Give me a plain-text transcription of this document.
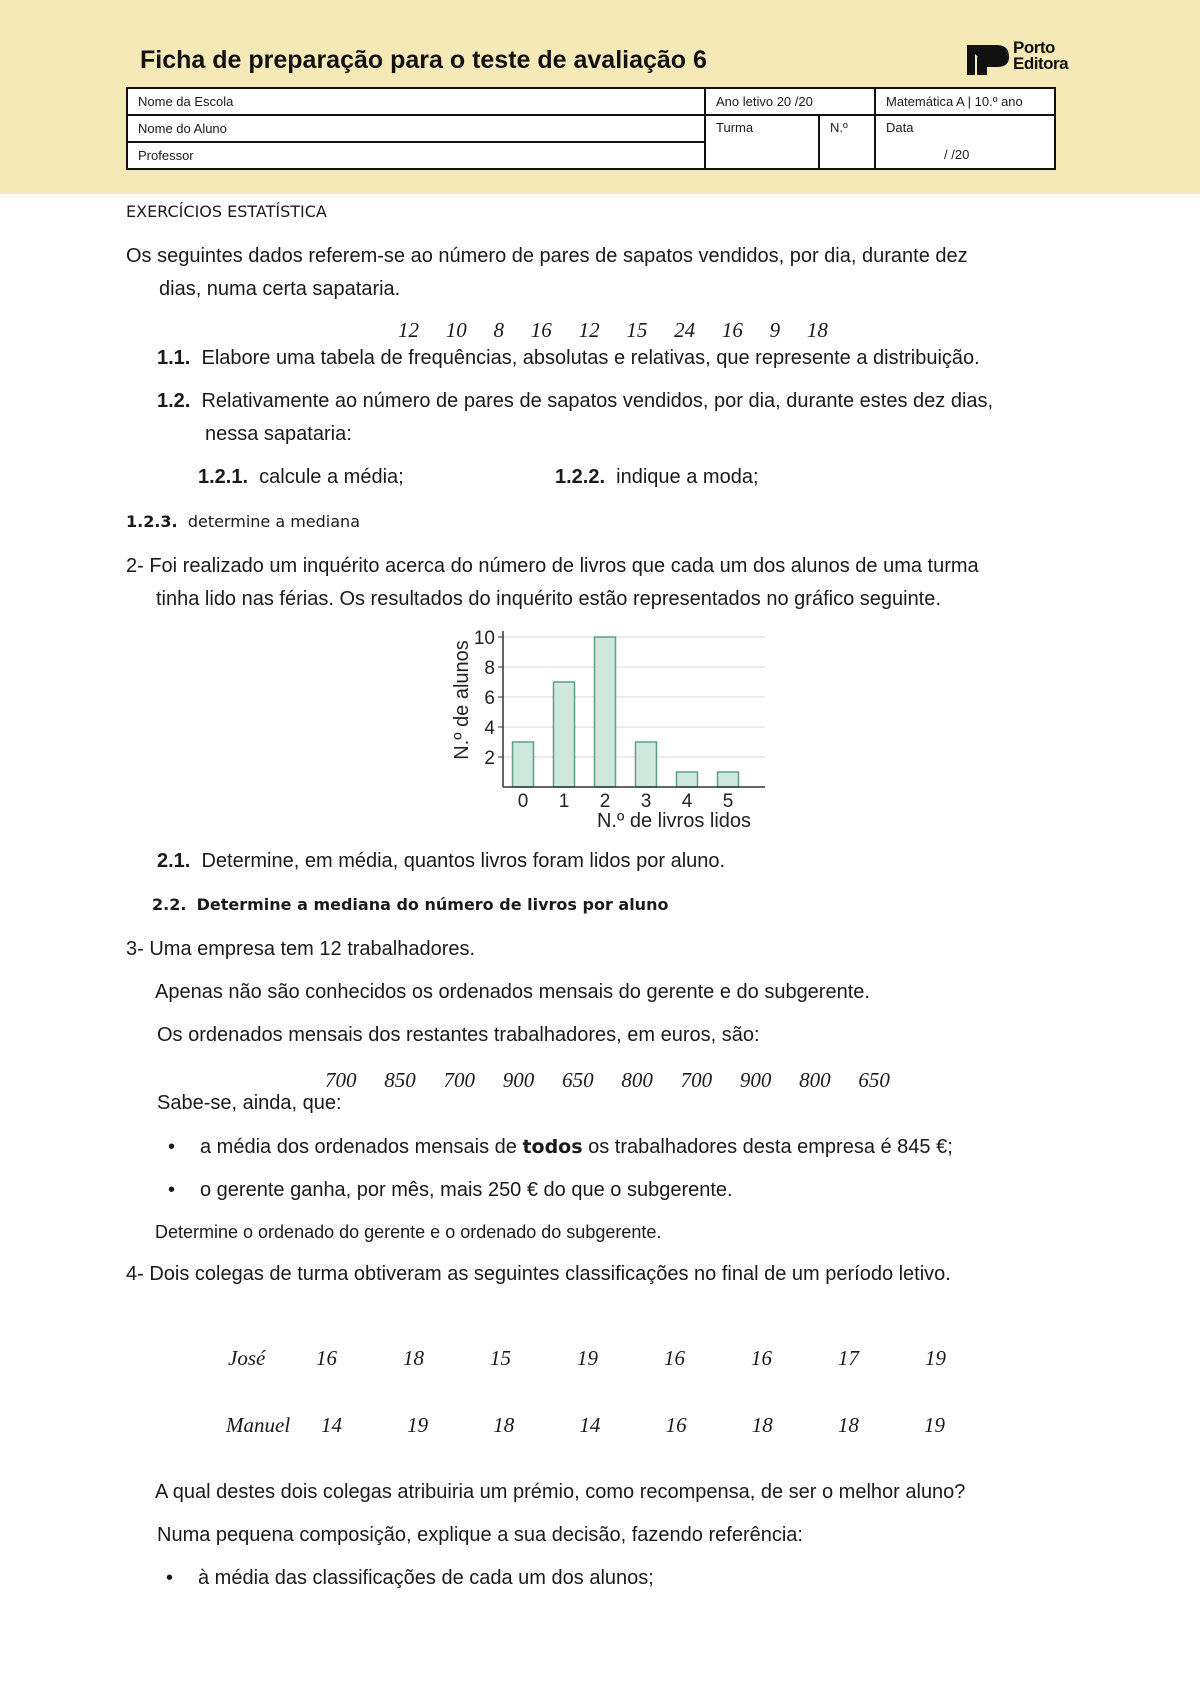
Ficha de preparação para o teste de avaliação 6	Porto
Editora
Nome da Escola	Ano letivo 20 /20		Matemática A | 10.º ano
Nome do Aluno	Turma	N.º	Data
/ /20

Professor			
EXERCÍCIOS ESTATÍSTICA
Os seguintes dados referem-se ao número de pares de sapatos vendidos, por dia, durante dez
dias, numa certa sapataria.
12 10 8 16 12 15 24 16 9 18
1.1. Elabore uma tabela de frequências, absolutas e relativas, que represente a distribuição.
1.2. Relativamente ao número de pares de sapatos vendidos, por dia, durante estes dez dias,
nessa sapataria:
1.2.1. calcule a média;	1.2.2. indique a moda;
1.2.3. determine a mediana
2- Foi realizado um inquérito acerca do número de livros que cada um dos alunos de uma turma
tinha lido nas férias. Os resultados do inquérito estão representados no gráfico seguinte.
2
4
6
8
10
0 1 2 3 4 5
N.º de alunos
N.º de livros lidos
2.1. Determine, em média, quantos livros foram lidos por aluno.
2.2. Determine a mediana do número de livros por aluno
3- Uma empresa tem 12 trabalhadores.
Apenas não são conhecidos os ordenados mensais do gerente e do subgerente.
Os ordenados mensais dos restantes trabalhadores, em euros, são:
700 850 700 900 650 800 700 900 800 650
Sabe-se, ainda, que:
• a média dos ordenados mensais de todos os trabalhadores desta empresa é 845 €;
• o gerente ganha, por mês, mais 250 € do que o subgerente.
Determine o ordenado do gerente e o ordenado do subgerente.
4- Dois colegas de turma obtiveram as seguintes classificações no final de um período letivo.
José 16	18	15	19	16	16	17	19
Manuel 14	19	18	14	16	18	18	19
A qual destes dois colegas atribuiria um prémio, como recompensa, de ser o melhor aluno?
Numa pequena composição, explique a sua decisão, fazendo referência:
• à média das classificações de cada um dos alunos;
